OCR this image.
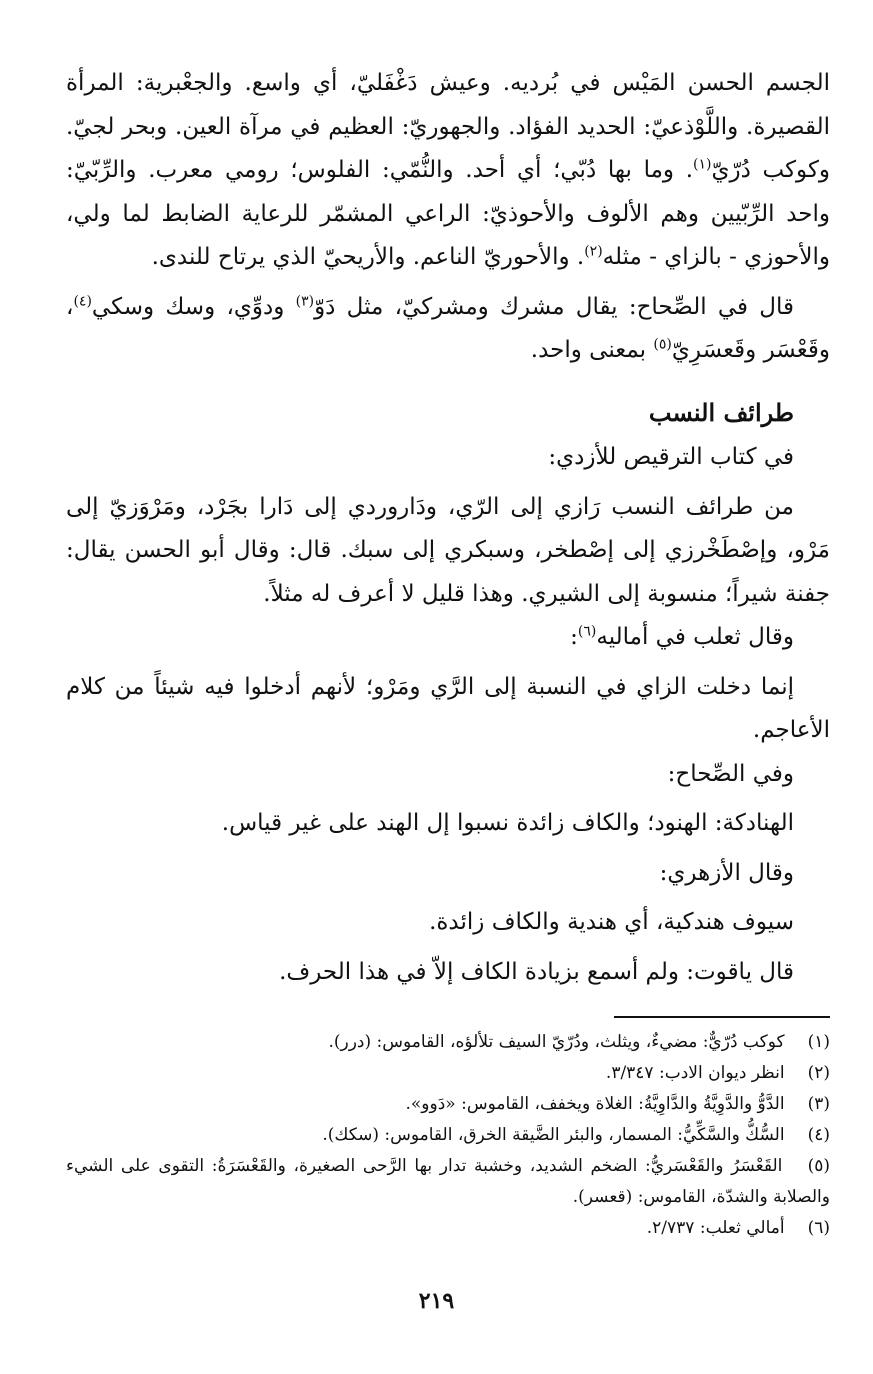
الجسم الحسن المَيْس في بُرديه. وعيش دَغْفَليّ، أي واسع. والجعْبرية: المرأة القصيرة. واللَّوْذعيّ: الحديد الفؤاد. والجهوريّ: العظيم في مرآة العين. وبحر لجيّ. وكوكب دُرّيّ$^{(١)}$. وما بها دُبّي؛ أي أحد. والنُّمّي: الفلوس؛ رومي معرب. والرِّبّيّ: واحد الرِّبّيين وهم الألوف والأحوذيّ: الراعي المشمّر للرعاية الضابط لما ولي، والأحوزي - بالزاي - مثله$^{(٢)}$. والأحوريّ الناعم. والأريحيّ الذي يرتاح للندى.

قال في الصِّحاح: يقال مشرك ومشركيّ، مثل دَوّ$^{(٣)}$ ودوِّي، وسك وسكي$^{(٤)}$، وقَعْسَر وقَعسَرِيّ$^{(٥)}$ بمعنى واحد.

طرائف النسب

في كتاب الترقيص للأزدي:

من طرائف النسب رَازي إلى الرّي، ودَاروردي إلى دَارا بجَرْد، ومَرْوَزيّ إلى مَرْو، وإصْطَخْرزي إلى إصْطخر، وسبكري إلى سبك. قال: وقال أبو الحسن يقال: جفنة شيراً؛ منسوبة إلى الشيري. وهذا قليل لا أعرف له مثلاً.

وقال ثعلب في أماليه$^{(٦)}$:

إنما دخلت الزاي في النسبة إلى الرَّي ومَرْو؛ لأنهم أدخلوا فيه شيئاً من كلام الأعاجم.

وفي الصِّحاح:

الهنادكة: الهنود؛ والكاف زائدة نسبوا إل الهند على غير قياس.

وقال الأزهري:

سيوف هندكية، أي هندية والكاف زائدة.

قال ياقوت: ولم أسمع بزيادة الكاف إلاّ في هذا الحرف.

(١) كوكب دُرّيٌّ: مضيءٌ، ويثلث، ودُرّيّ السيف تلألؤه، القاموس: (درر).

(٢) انظر ديوان الادب: ٣/٣٤٧.

(٣) الدَّوُّ والدَّوِيَّةُ والدَّاوِيَّةُ: الغلاة ويخفف، القاموس: «دَوو».

(٤) السُّكُّ والسَّكِّيُّ: المسمار، والبئر الضَّيقة الخرق، القاموس: (سكك).

(٥) القَعْسَرُ والقَعْسَريُّ: الضخم الشديد، وخشبة تدار بها الرَّحى الصغيرة، والقَعْسَرَةُ: التقوى على الشيء والصلابة والشدّة، القاموس: (قعسر).

(٦) أمالي ثعلب: ٢/٧٣٧.

٢١٩
